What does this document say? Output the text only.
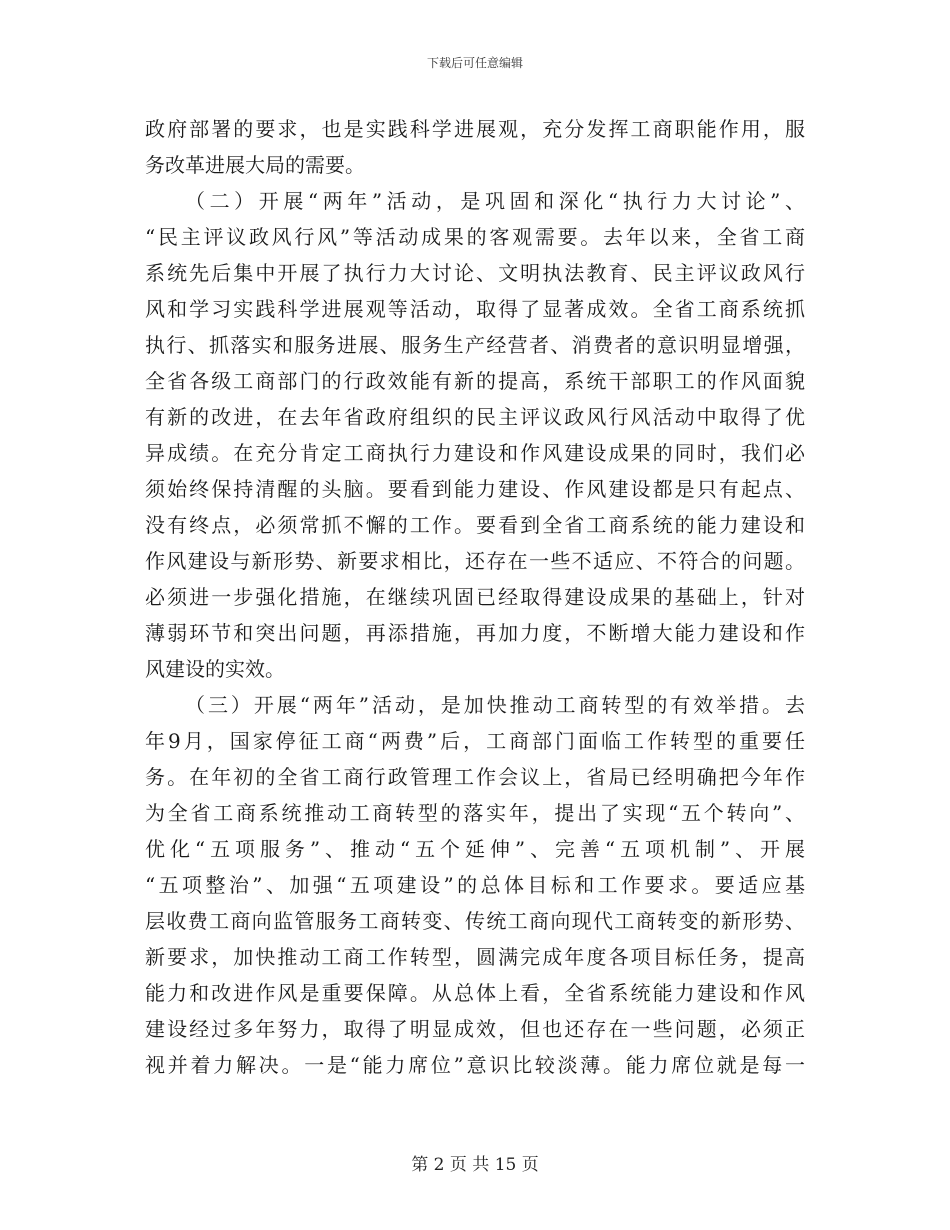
下载后可任意编辑
政府部署的要求，也是实践科学进展观，充分发挥工商职能作用，服
务改革进展大局的需要。
（二）开展“两年”活动，是巩固和深化“执行力大讨论”、
“民主评议政风行风”等活动成果的客观需要。去年以来，全省工商
系统先后集中开展了执行力大讨论、文明执法教育、民主评议政风行
风和学习实践科学进展观等活动，取得了显著成效。全省工商系统抓
执行、抓落实和服务进展、服务生产经营者、消费者的意识明显增强，
全省各级工商部门的行政效能有新的提高，系统干部职工的作风面貌
有新的改进，在去年省政府组织的民主评议政风行风活动中取得了优
异成绩。在充分肯定工商执行力建设和作风建设成果的同时，我们必
须始终保持清醒的头脑。要看到能力建设、作风建设都是只有起点、
没有终点，必须常抓不懈的工作。要看到全省工商系统的能力建设和
作风建设与新形势、新要求相比，还存在一些不适应、不符合的问题。
必须进一步强化措施，在继续巩固已经取得建设成果的基础上，针对
薄弱环节和突出问题，再添措施，再加力度，不断增大能力建设和作
风建设的实效。
（三）开展“两年”活动，是加快推动工商转型的有效举措。去
年9月，国家停征工商“两费”后，工商部门面临工作转型的重要任
务。在年初的全省工商行政管理工作会议上，省局已经明确把今年作
为全省工商系统推动工商转型的落实年，提出了实现“五个转向”、
优化“五项服务”、推动“五个延伸”、完善“五项机制”、开展
“五项整治”、加强“五项建设”的总体目标和工作要求。要适应基
层收费工商向监管服务工商转变、传统工商向现代工商转变的新形势、
新要求，加快推动工商工作转型，圆满完成年度各项目标任务，提高
能力和改进作风是重要保障。从总体上看，全省系统能力建设和作风
建设经过多年努力，取得了明显成效，但也还存在一些问题，必须正
视并着力解决。一是“能力席位”意识比较淡薄。能力席位就是每一
第 2 页 共 15 页
